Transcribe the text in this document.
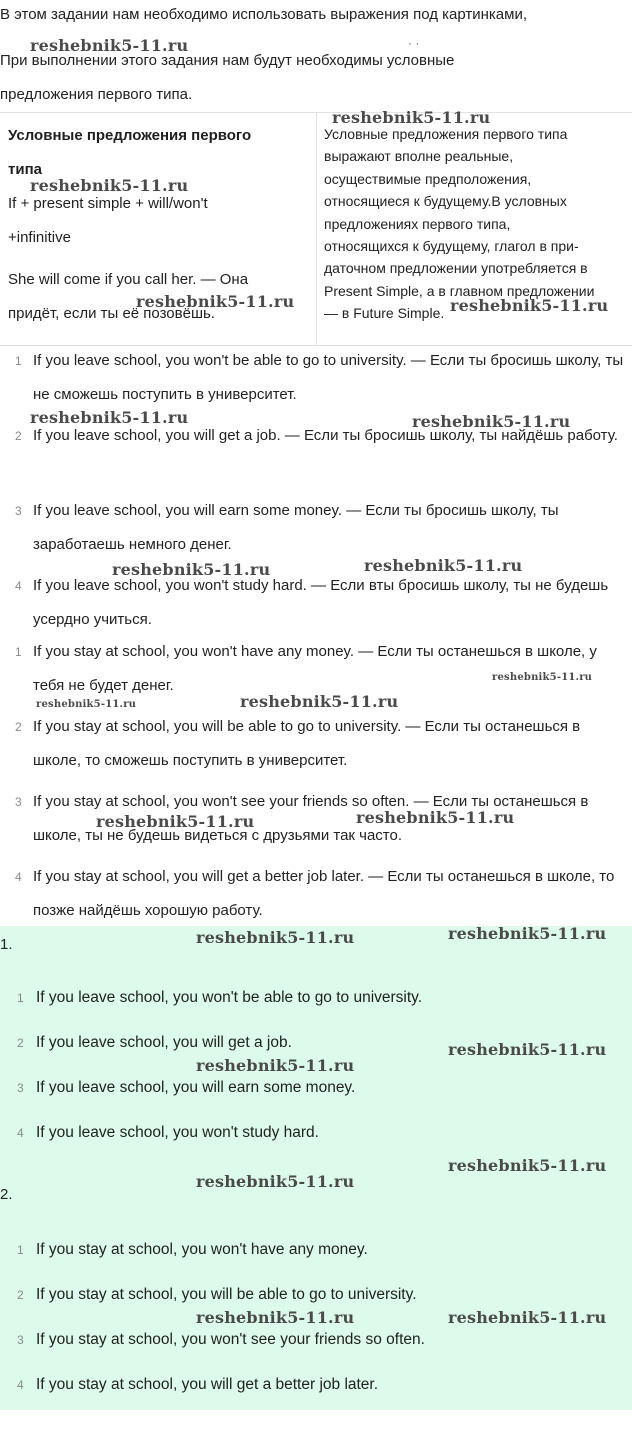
В этом задании нам необходимо использовать выражения под картинками,
· ·
При выполнении этого задания нам будут необходимы условные
предложения первого типа.

Условные предложения первого

типа

If + present simple + will/won't

+infinitive

She will come if you call her. — Она

придёт, если ты её позовёшь.

Условные предложения первого типа
выражают вполне реальные,
осуществимые предположения,
относящиеся к будущему.В условных
предложениях первого типа,
относящихся к будущему, глагол в при-
даточном предложении употребляется в
Present Simple, а в главном предложении
— в Future Simple.
1 If you leave school, you won't be able to go to university. — Если ты бросишь школу, ты не сможешь поступить в университет.
2 If you leave school, you will get a job. — Если ты бросишь школу, ты найдёшь работу.
3 If you leave school, you will earn some money. — Если ты бросишь школу, ты заработаешь немного денег.
4 If you leave school, you won't study hard. — Если вты бросишь школу, ты не будешь усердно учиться.
1 If you stay at school, you won't have any money. — Если ты останешься в школе, у тебя не будет денег.
2 If you stay at school, you will be able to go to university. — Если ты останешься в школе, то сможешь поступить в университет.
3 If you stay at school, you won't see your friends so often. — Если ты останешься в школе, ты не будешь видеться с друзьями так часто.
4 If you stay at school, you will get a better job later. — Если ты останешься в школе, то позже найдёшь хорошую работу.
1.
1 If you leave school, you won't be able to go to university.
2 If you leave school, you will get a job.
3 If you leave school, you will earn some money.
4 If you leave school, you won't study hard.
2.
1 If you stay at school, you won't have any money.
2 If you stay at school, you will be able to go to university.
3 If you stay at school, you won't see your friends so often.
4 If you stay at school, you will get a better job later.
reshebnik5-11.ru
reshebnik5-11.ru
reshebnik5-11.ru
reshebnik5-11.ru	reshebnik5-11.ru
reshebnik5-11.ru	reshebnik5-11.ru
reshebnik5-11.ru
reshebnik5-11.ru
reshebnik5-11.ru
reshebnik5-11.ru	reshebnik5-11.ru
reshebnik5-11.ru
reshebnik5-11.ru
reshebnik5-11.ru
reshebnik5-11.ru
reshebnik5-11.ru
reshebnik5-11.ru
reshebnik5-11.ru
reshebnik5-11.ru
reshebnik5-11.ru	reshebnik5-11.ru
